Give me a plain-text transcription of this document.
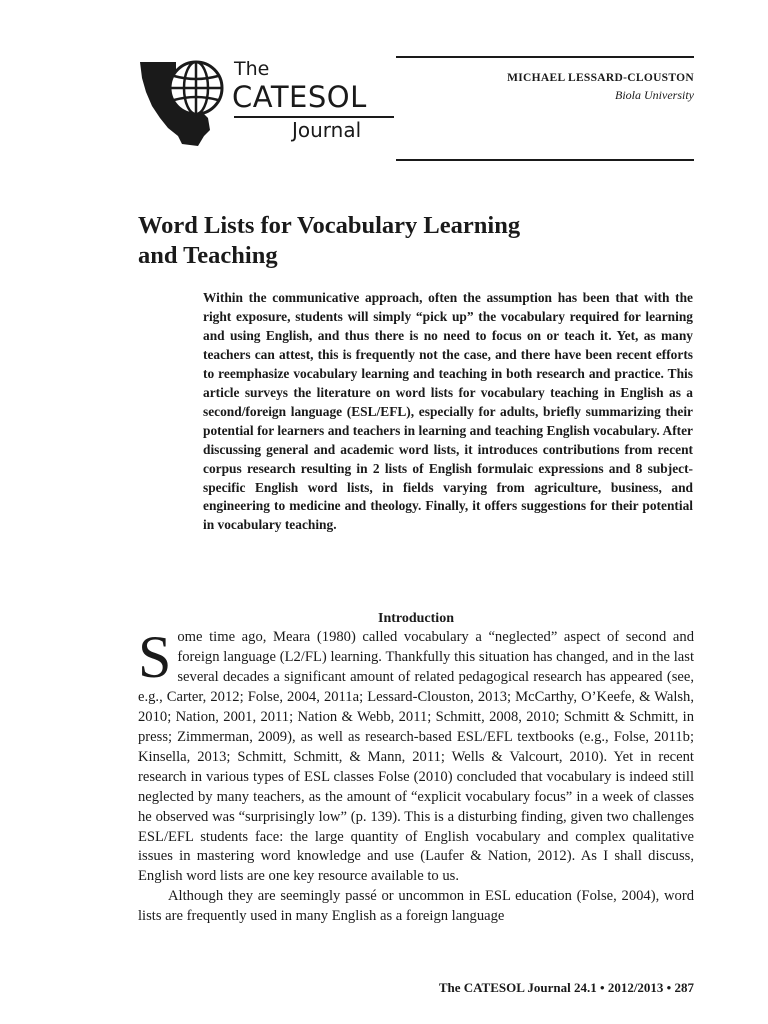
The
CATESOL
Journal
MICHAEL LESSARD-CLOUSTON
Biola University
Word Lists for Vocabulary Learning
and Teaching

Within the communicative approach, often the assumption has been that with the right exposure, students will simply “pick up” the vocabulary required for learning and using English, and thus there is no need to focus on or teach it. Yet, as many teachers can attest, this is frequently not the case, and there have been recent efforts to reemphasize vocabulary learning and teaching in both research and practice. This article surveys the literature on word lists for vocabulary teaching in English as a second/foreign language (ESL/EFL), especially for adults, briefly summarizing their potential for learners and teachers in learning and teaching English vocabulary. After discussing general and academic word lists, it introduces contributions from recent corpus research resulting in 2 lists of English formulaic expressions and 8 subject-specific English word lists, in fields varying from agriculture, business, and engineering to medicine and theology. Finally, it offers suggestions for their potential in vocabulary teaching.

Introduction

Some time ago, Meara (1980) called vocabulary a “neglected” aspect of second and foreign language (L2/FL) learning. Thankfully this situation has changed, and in the last several decades a significant amount of related pedagogical research has appeared (see, e.g., Carter, 2012; Folse, 2004, 2011a; Lessard-Clouston, 2013; McCarthy, O’Keefe, & Walsh, 2010; Nation, 2001, 2011; Nation & Webb, 2011; Schmitt, 2008, 2010; Schmitt & Schmitt, in press; Zimmerman, 2009), as well as research-based ESL/EFL textbooks (e.g., Folse, 2011b; Kinsella, 2013; Schmitt, Schmitt, & Mann, 2011; Wells & Valcourt, 2010). Yet in recent research in various types of ESL classes Folse (2010) concluded that vocabulary is indeed still neglected by many teachers, as the amount of “explicit vocabulary focus” in a week of classes he observed was “surprisingly low” (p. 139). This is a disturbing finding, given two challenges ESL/EFL students face: the large quantity of English vocabulary and complex qualitative issues in mastering word knowledge and use (Laufer & Nation, 2012). As I shall discuss, English word lists are one key resource available to us.

Although they are seemingly passé or uncommon in ESL education (Folse, 2004), word lists are frequently used in many English as a foreign language

The CATESOL Journal 24.1 • 2012/2013 • 287
